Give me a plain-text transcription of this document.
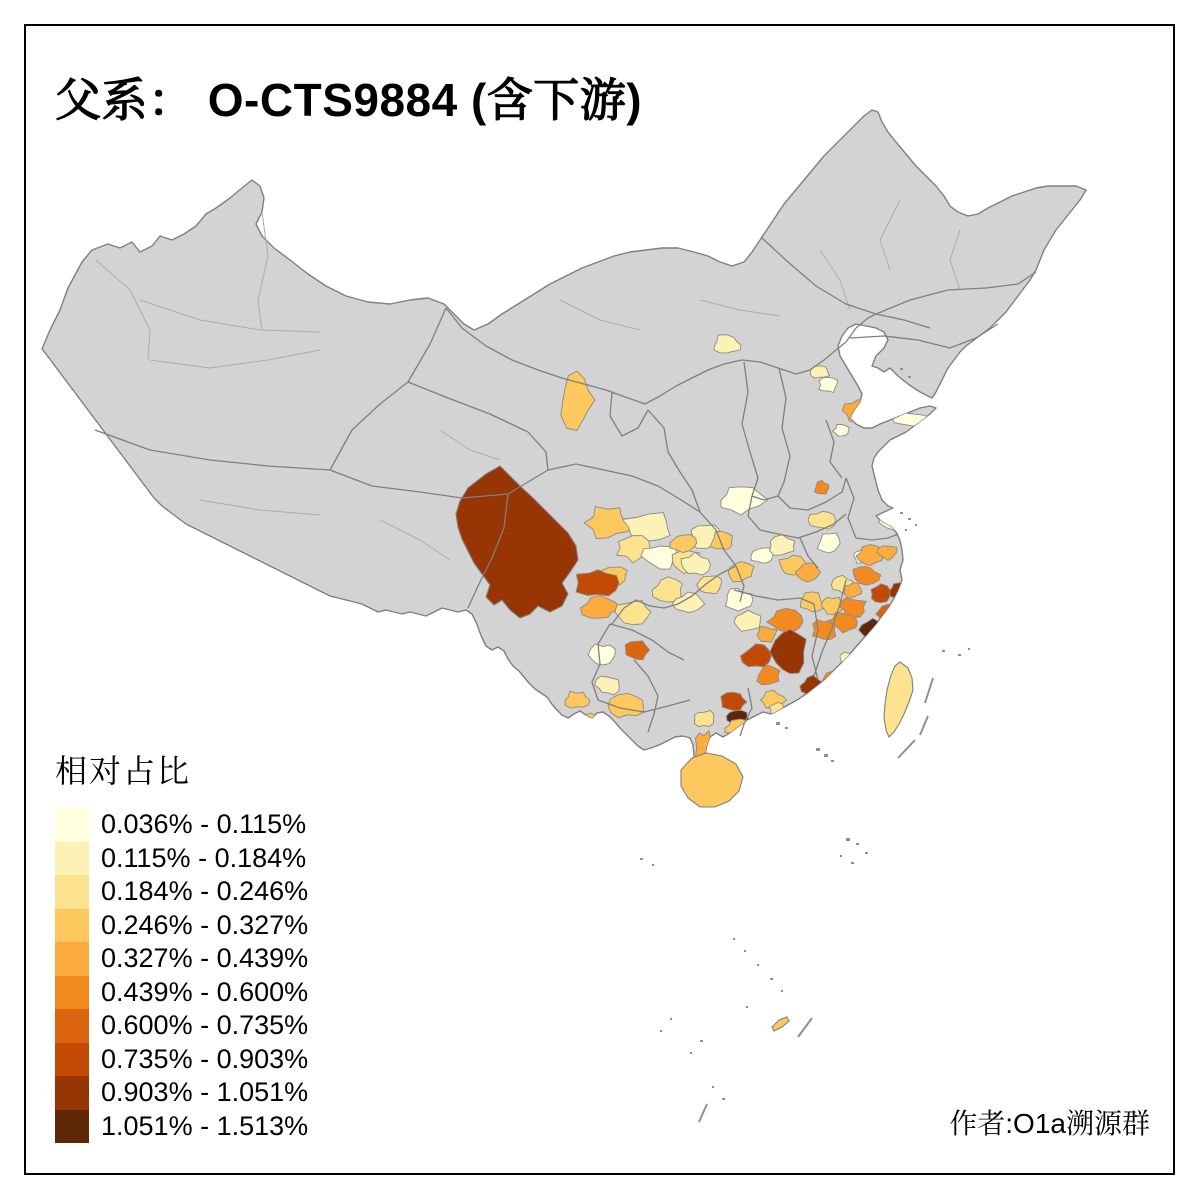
父系： O-CTS9884 (含下游)
相对占比
0.036% - 0.115%
0.115% - 0.184%
0.184% - 0.246%
0.246% - 0.327%
0.327% - 0.439%
0.439% - 0.600%
0.600% - 0.735%
0.735% - 0.903%
0.903% - 1.051%
1.051% - 1.513%	作者:O1a溯源群
